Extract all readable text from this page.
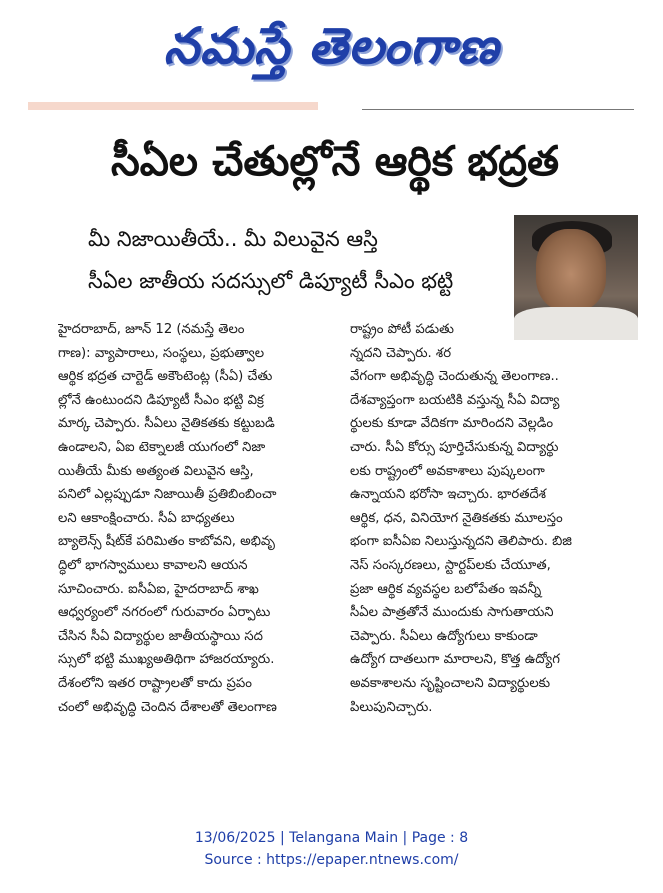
నమస్తే తెలంగాణ
సీఏల చేతుల్లోనే ఆర్థిక భద్రత
మీ నిజాయితీయే.. మీ విలువైన ఆస్తి
సీఏల జాతీయ సదస్సులో డిప్యూటీ సీఎం భట్టి
హైదరాబాద్, జూన్ 12 (నమస్తే తెలం
గాణ): వ్యాపారాలు, సంస్థలు, ప్రభుత్వాల
ఆర్థిక భద్రత చార్టెడ్ అకౌంటెంట్ల (సీఏ) చేతు
ల్లోనే ఉంటుందని డిప్యూటీ సీఎం భట్టి విక్ర
మార్క చెప్పారు. సీఏలు నైతికతకు కట్టుబడి
ఉండాలని, ఏఐ టెక్నాలజీ యుగంలో నిజా
యితీయే మీకు అత్యంత విలువైన ఆస్తి,
పనిలో ఎల్లప్పుడూ నిజాయితీ ప్రతిబింబించా
లని ఆకాంక్షించారు. సీఏ బాధ్యతలు
బ్యాలెన్స్ షీట్‌కే పరిమితం కాబోవని, అభివృ
ద్ధిలో భాగస్వాములు కావాలని ఆయన
సూచించారు. ఐసీఏఐ, హైదరాబాద్ శాఖ
ఆధ్వర్యంలో నగరంలో గురువారం ఏర్పాటు
చేసిన సీఏ విద్యార్థుల జాతీయస్థాయి సద
స్సులో భట్టి ముఖ్యఅతిథిగా హాజరయ్యారు.
దేశంలోని ఇతర రాష్ట్రాలతో కాదు ప్రపం
చంలో అభివృద్ధి చెందిన దేశాలతో తెలంగాణ
రాష్ట్రం పోటీ పడుతు
న్నదని చెప్పారు. శర
వేగంగా అభివృద్ధి చెందుతున్న తెలంగాణ..
దేశవ్యాప్తంగా బయటికి వస్తున్న సీఏ విద్యా
ర్థులకు కూడా వేదికగా మారిందని వెల్లడిం
చారు. సీఏ కోర్సు పూర్తిచేసుకున్న విద్యార్థు
లకు రాష్ట్రంలో అవకాశాలు పుష్కలంగా
ఉన్నాయని భరోసా ఇచ్చారు. భారతదేశ
ఆర్థిక, ధన, వినియోగ నైతికతకు మూలస్తం
భంగా ఐసీఏఐ నిలుస్తున్నదని తెలిపారు. బిజి
నెస్ సంస్కరణలు, స్టార్టప్‌లకు చేయూత,
ప్రజా ఆర్థిక వ్యవస్థల బలోపేతం ఇవన్నీ
సీఏల పాత్రతోనే ముందుకు సాగుతాయని
చెప్పారు. సీఏలు ఉద్యోగులు కాకుండా
ఉద్యోగ దాతలుగా మారాలని, కొత్త ఉద్యోగ
అవకాశాలను సృష్టించాలని విద్యార్థులకు
పిలుపునిచ్చారు.
13/06/2025 | Telangana Main | Page : 8
Source : https://epaper.ntnews.com/
